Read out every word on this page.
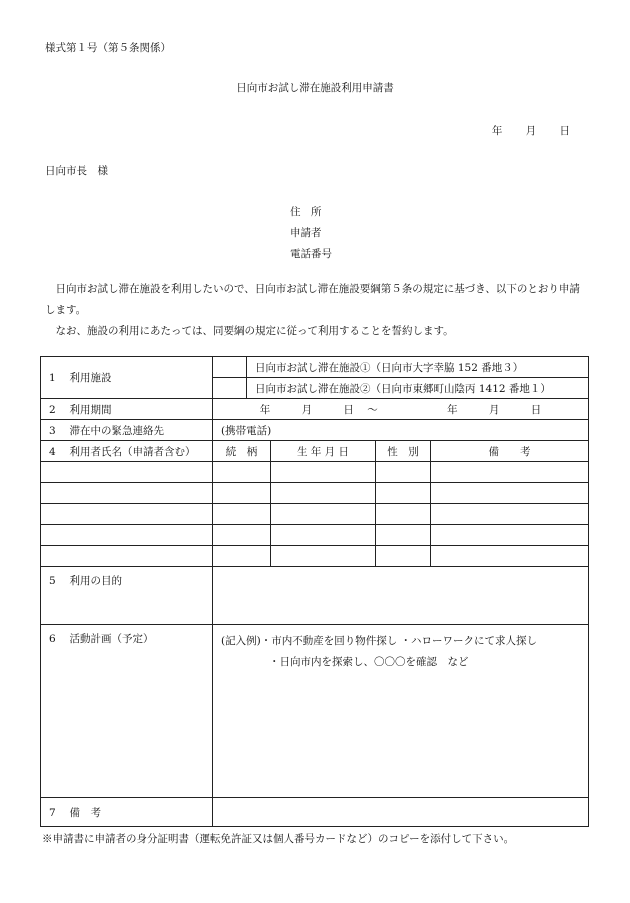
様式第１号（第５条関係）
日向市お試し滞在施設利用申請書
年 月 日
日向市長　様
住　所
申請者
電話番号

　日向市お試し滞在施設を利用したいので、日向市お試し滞在施設要綱第５条の規定に基づき、以下のとおり申請します。

　なお、施設の利用にあたっては、同要綱の規定に従って利用することを誓約します。

1　 利用施設		日向市お試し滞在施設①（日向市大字幸脇 152 番地３）			
		日向市お試し滞在施設②（日向市東郷町山陰丙 1412 番地１）			
2　 利用期間	年 月 日 ～ 年 月 日				
3　 滞在中の緊急連絡先	(携帯電話)				
4　 利用者氏名（申請者含む）	続　柄		生 年 月 日	性　別	備　　考

5　 利用の目的					
6　 活動計画（予定）	(記入例)・市内不動産を回り物件探し ・ハローワークにて求人探し
・日向市内を探索し、〇〇〇を確認　など				

7　 備　考					
※申請書に申請者の身分証明書（運転免許証又は個人番号カードなど）のコピーを添付して下さい。
